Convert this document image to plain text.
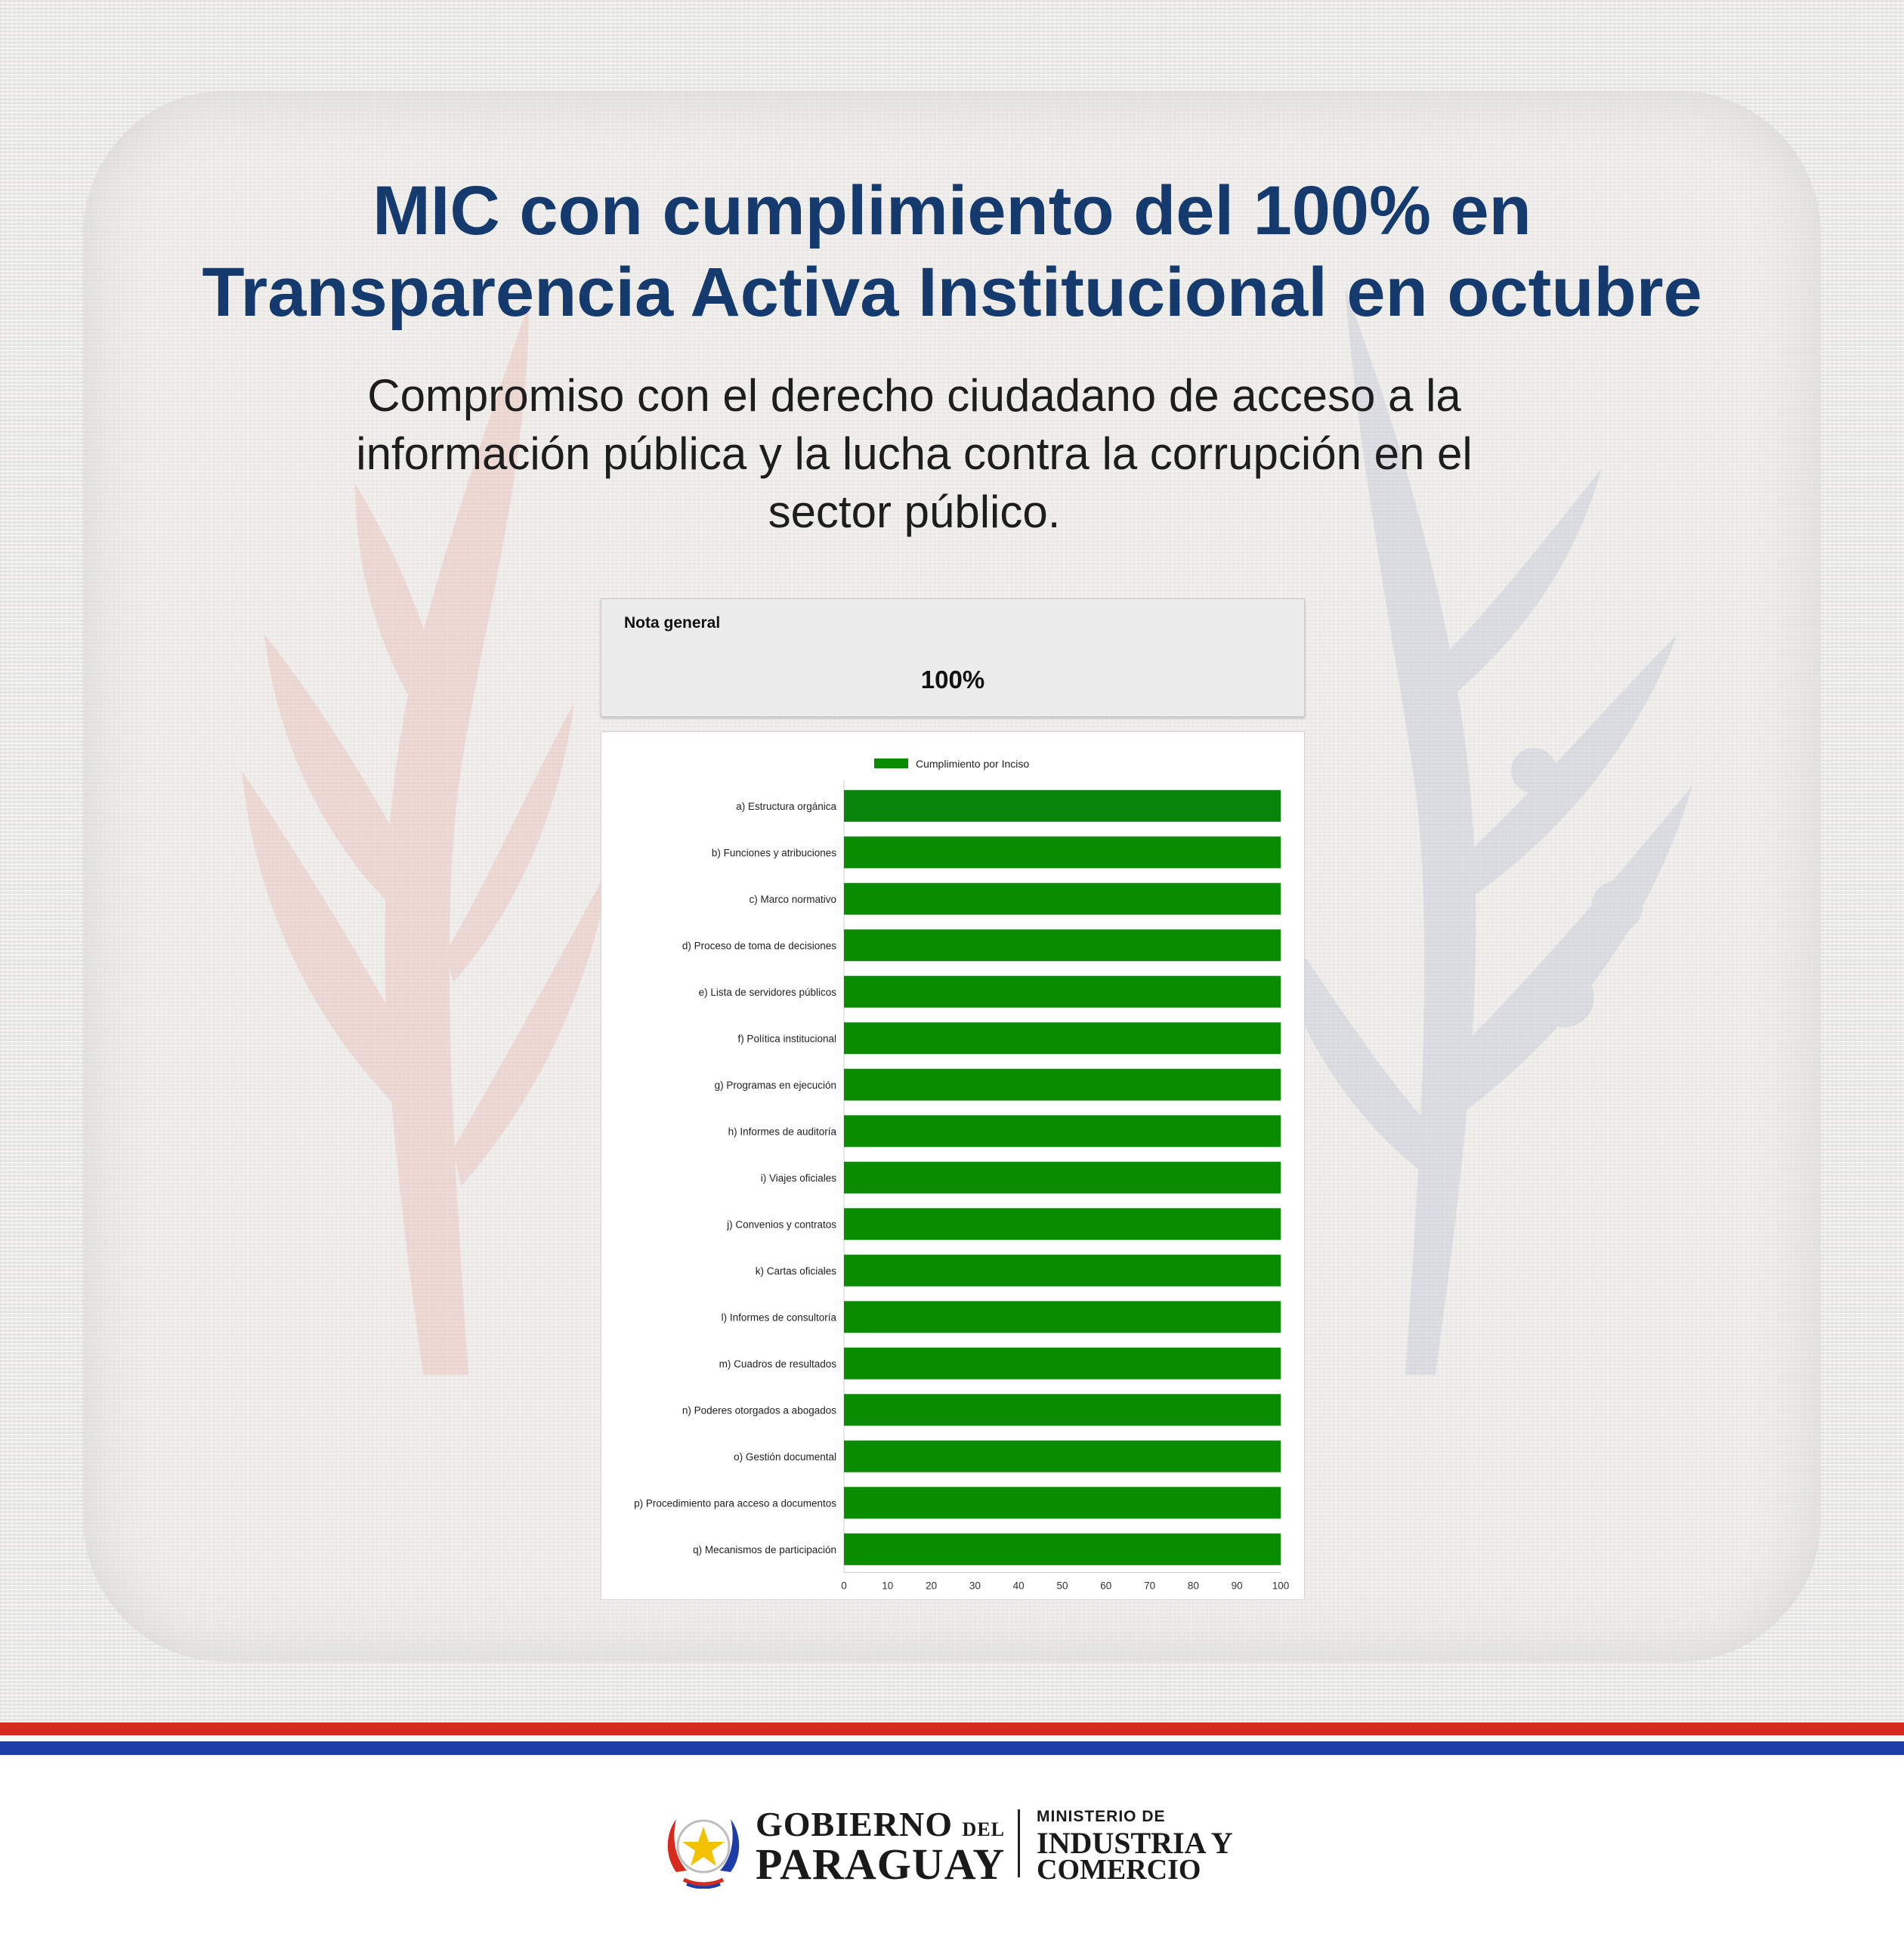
MIC con cumplimiento del 100% en
Transparencia Activa Institucional en octubre
Compromiso con el derecho ciudadano de acceso a la
información pública y la lucha contra la corrupción en el
sector público.
Nota general
100%
Cumplimiento por Inciso
a) Estructura orgánica
b) Funciones y atribuciones
c) Marco normativo
d) Proceso de toma de decisiones
e) Lista de servidores públicos
f) Política institucional
g) Programas en ejecución
h) Informes de auditoría
i) Viajes oficiales
j) Convenios y contratos
k) Cartas oficiales
l) Informes de consultoría
m) Cuadros de resultados
n) Poderes otorgados a abogados
o) Gestión documental
p) Procedimiento para acceso a documentos
q) Mecanismos de participación
0	10	20	30	40	50	60	70	80	90	100
GOBIERNO DEL
PARAGUAY
MINISTERIO DE
INDUSTRIA Y
COMERCIO
